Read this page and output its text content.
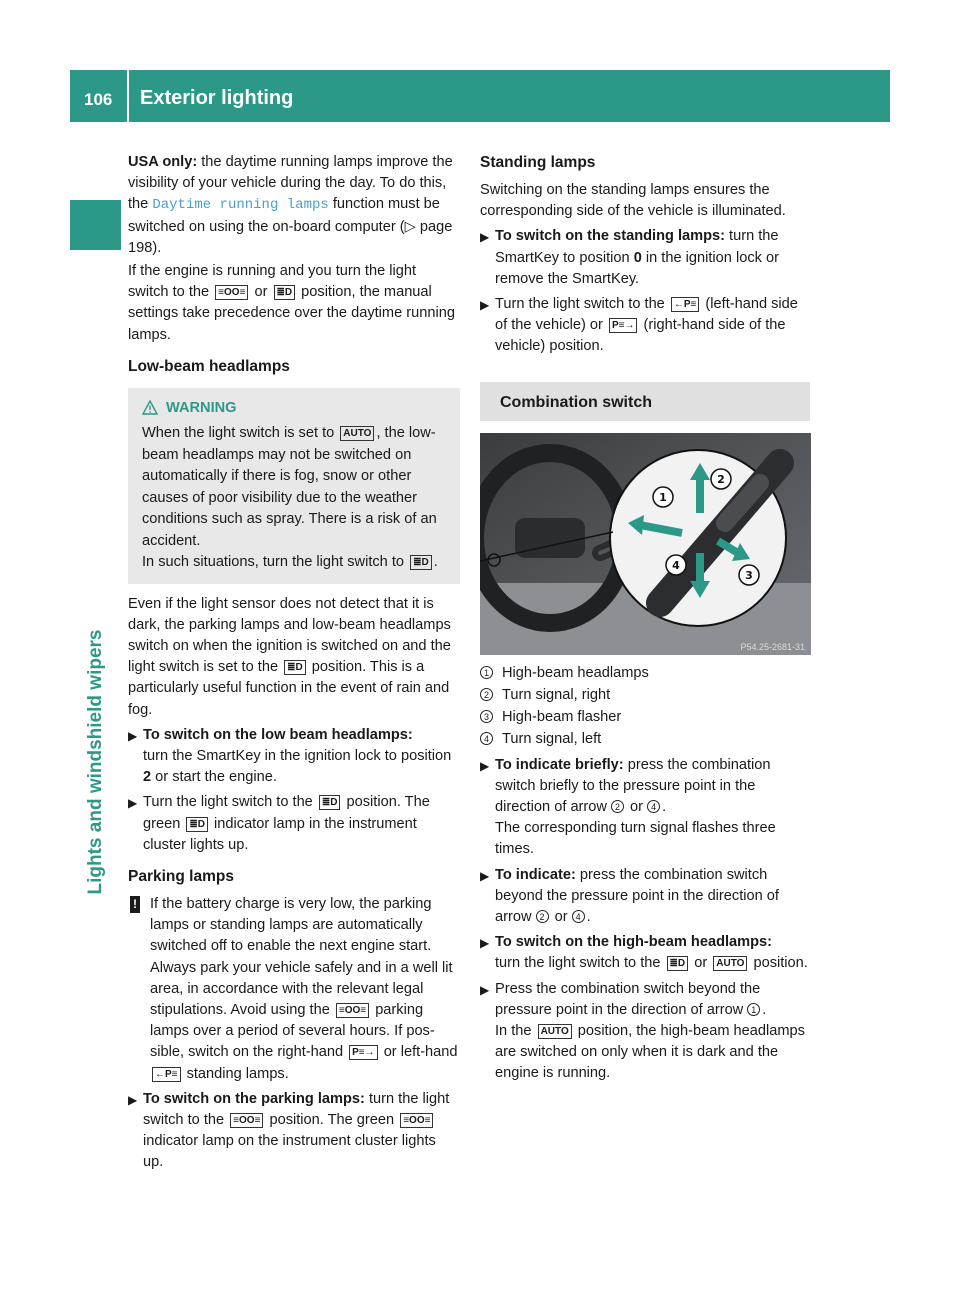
106	Exterior lighting
Lights and windshield wipers

USA only: the daytime running lamps improve the visibility of your vehicle during the day. To do this, the Daytime running lamps function must be switched on using the on-board computer (▷ page 198).

If the engine is running and you turn the light switch to the ≡OO≡ or ≣D position, the manual settings take precedence over the daytime running lamps.

Low-beam headlamps
WARNING

When the light switch is set to AUTO , the low-beam headlamps may not be switched on automatically if there is fog, snow or other causes of poor visibility due to the weather conditions such as spray. There is a risk of an accident.

In such situations, turn the light switch to ≣D .

Even if the light sensor does not detect that it is dark, the parking lamps and low-beam headlamps switch on when the ignition is switched on and the light switch is set to the ≣D position. This is a particularly useful function in the event of rain and fog.

▶ To switch on the low beam headlamps:
turn the SmartKey in the ignition lock to position 2 or start the engine.
▶ Turn the light switch to the ≣D position. The green ≣D indicator lamp in the instrument cluster lights up.
Parking lamps
! If the battery charge is very low, the parking lamps or standing lamps are automatically switched off to enable the next engine start. Always park your vehicle safely and in a well lit area, in accordance with the relevant legal stipulations. Avoid using the ≡OO≡ parking lamps over a period of several hours. If possible, switch on the right-hand P≡→ or left-hand ←P≡ standing lamps.
▶ To switch on the parking lamps: turn the light switch to the ≡OO≡ position. The green ≡OO≡ indicator lamp on the instrument cluster lights up.
Standing lamps

Switching on the standing lamps ensures the corresponding side of the vehicle is illuminated.

▶ To switch on the standing lamps: turn the SmartKey to position 0 in the ignition lock or remove the SmartKey.
▶ Turn the light switch to the ←P≡ (left-hand side of the vehicle) or P≡→ (right-hand side of the vehicle) position.
Combination switch
1
2
3
4
P54.25-2681-31
1 High-beam headlamps
2 Turn signal, right
3 High-beam flasher
4 Turn signal, left
▶ To indicate briefly: press the combination switch briefly to the pressure point in the direction of arrow 2 or 4 .
The corresponding turn signal flashes three times.
▶ To indicate: press the combination switch beyond the pressure point in the direction of arrow 2 or 4 .
▶ To switch on the high-beam headlamps:
turn the light switch to the ≣D or AUTO position.
▶ Press the combination switch beyond the pressure point in the direction of arrow 1 .
In the AUTO position, the high-beam headlamps are switched on only when it is dark and the engine is running.
